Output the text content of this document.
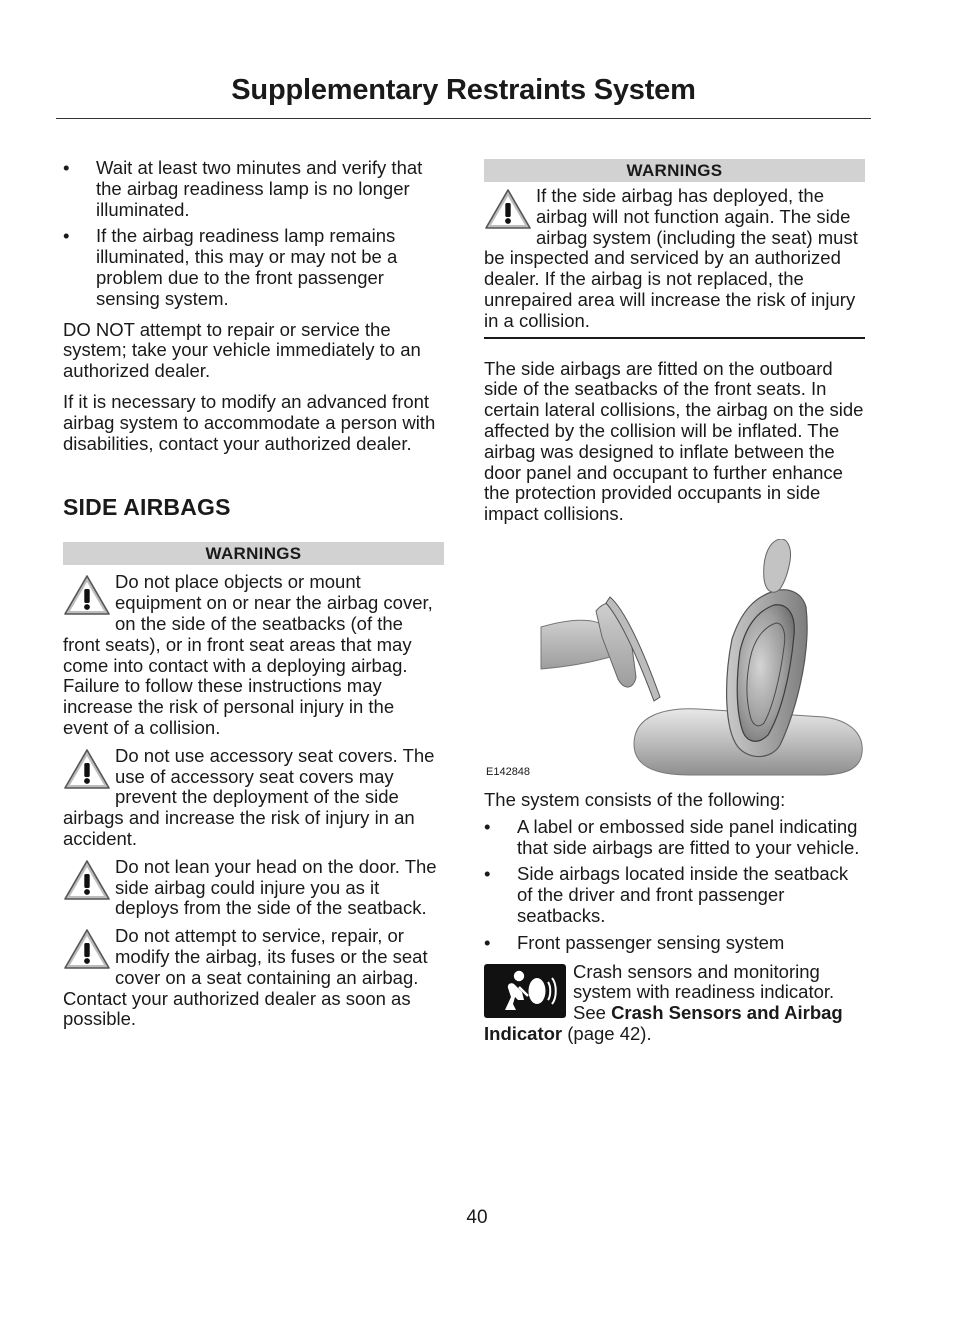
Supplementary Restraints System
• Wait at least two minutes and verify that the airbag readiness lamp is no longer illuminated.
• If the airbag readiness lamp remains illuminated, this may or may not be a problem due to the front passenger sensing system.

DO NOT attempt to repair or service the system; take your vehicle immediately to an authorized dealer.

If it is necessary to modify an advanced front airbag system to accommodate a person with disabilities, contact your authorized dealer.

SIDE AIRBAGS
WARNINGS
Do not place objects or mount equipment on or near the airbag cover, on the side of the seatbacks (of the front seats), or in front seat areas that may come into contact with a deploying airbag. Failure to follow these instructions may increase the risk of personal injury in the event of a collision.
Do not use accessory seat covers. The use of accessory seat covers may prevent the deployment of the side airbags and increase the risk of injury in an accident.
Do not lean your head on the door. The side airbag could injure you as it deploys from the side of the seatback.
Do not attempt to service, repair, or modify the airbag, its fuses or the seat cover on a seat containing an airbag. Contact your authorized dealer as soon as possible.
WARNINGS
If the side airbag has deployed, the airbag will not function again. The side airbag system (including the seat) must be inspected and serviced by an authorized dealer. If the airbag is not replaced, the unrepaired area will increase the risk of injury in a collision.

The side airbags are fitted on the outboard side of the seatbacks of the front seats. In certain lateral collisions, the airbag on the side affected by the collision will be inflated. The airbag was designed to inflate between the door panel and occupant to further enhance the protection provided occupants in side impact collisions.

E142848

The system consists of the following:

• A label or embossed side panel indicating that side airbags are fitted to your vehicle.
• Side airbags located inside the seatback of the driver and front passenger seatbacks.
• Front passenger sensing system
Crash sensors and monitoring system with readiness indicator. See Crash Sensors and Airbag Indicator (page 42).
40
